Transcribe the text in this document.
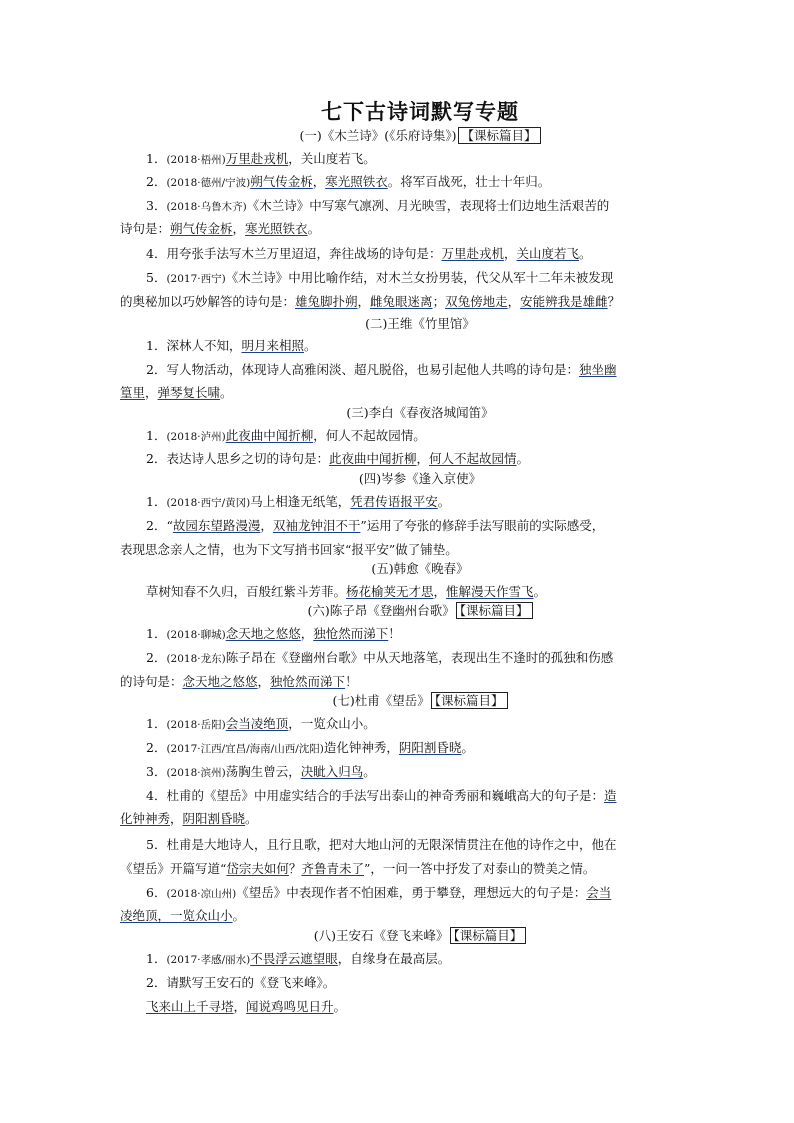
七下古诗词默写专题
(一)《木兰诗》(《乐府诗集》) 【课标篇目】
(二)王维《竹里馆》
(三)李白《春夜洛城闻笛》
(四)岑参《逢入京使》
(五)韩愈《晚春》
(六)陈子昂《登幽州台歌》 【课标篇目】
(七)杜甫《望岳》 【课标篇目】
(八)王安石《登飞来峰》 【课标篇目】
1．(2018·梧州)万里赴戎机，关山度若飞。
2．(2018·德州/宁波)朔气传金柝，寒光照铁衣。将军百战死，壮士十年归。
3．(2018·乌鲁木齐)《木兰诗》中写寒气凛冽、月光映雪，表现将士们边地生活艰苦的
诗句是：朔气传金柝，寒光照铁衣。
4．用夸张手法写木兰万里迢迢，奔往战场的诗句是：万里赴戎机，关山度若飞。
5．(2017·西宁)《木兰诗》中用比喻作结，对木兰女扮男装，代父从军十二年未被发现
的奥秘加以巧妙解答的诗句是：雄兔脚扑朔，雌兔眼迷离；双兔傍地走，安能辨我是雄雌？
1．深林人不知，明月来相照。
2．写人物活动，体现诗人高雅闲淡、超凡脱俗，也易引起他人共鸣的诗句是：独坐幽
篁里，弹琴复长啸。
1．(2018·泸州)此夜曲中闻折柳，何人不起故园情。
2．表达诗人思乡之切的诗句是：此夜曲中闻折柳，何人不起故园情。
1．(2018·西宁/黄冈)马上相逢无纸笔，凭君传语报平安。
2．“故园东望路漫漫，双袖龙钟泪不干”运用了夸张的修辞手法写眼前的实际感受，
表现思念亲人之情，也为下文写捎书回家“报平安”做了铺垫。
草树知春不久归，百般红紫斗芳菲。杨花榆荚无才思，惟解漫天作雪飞。
1．(2018·聊城)念天地之悠悠，独怆然而涕下！
2．(2018·龙东)陈子昂在《登幽州台歌》中从天地落笔，表现出生不逢时的孤独和伤感
的诗句是：念天地之悠悠，独怆然而涕下！
1．(2018·岳阳)会当凌绝顶，一览众山小。
2．(2017·江西/宜昌/海南/山西/沈阳)造化钟神秀，阴阳割昏晓。
3．(2018·滨州)荡胸生曾云，决眦入归鸟。
4．杜甫的《望岳》中用虚实结合的手法写出泰山的神奇秀丽和巍峨高大的句子是：造
化钟神秀，阴阳割昏晓。
5．杜甫是大地诗人，且行且歌，把对大地山河的无限深情贯注在他的诗作之中，他在
《望岳》开篇写道“岱宗夫如何？齐鲁青未了”，一问一答中抒发了对泰山的赞美之情。
6．(2018·凉山州)《望岳》中表现作者不怕困难，勇于攀登，理想远大的句子是：会当
凌绝顶，一览众山小。
1．(2017·孝感/丽水)不畏浮云遮望眼，自缘身在最高层。
2．请默写王安石的《登飞来峰》。
飞来山上千寻塔，闻说鸡鸣见日升。
